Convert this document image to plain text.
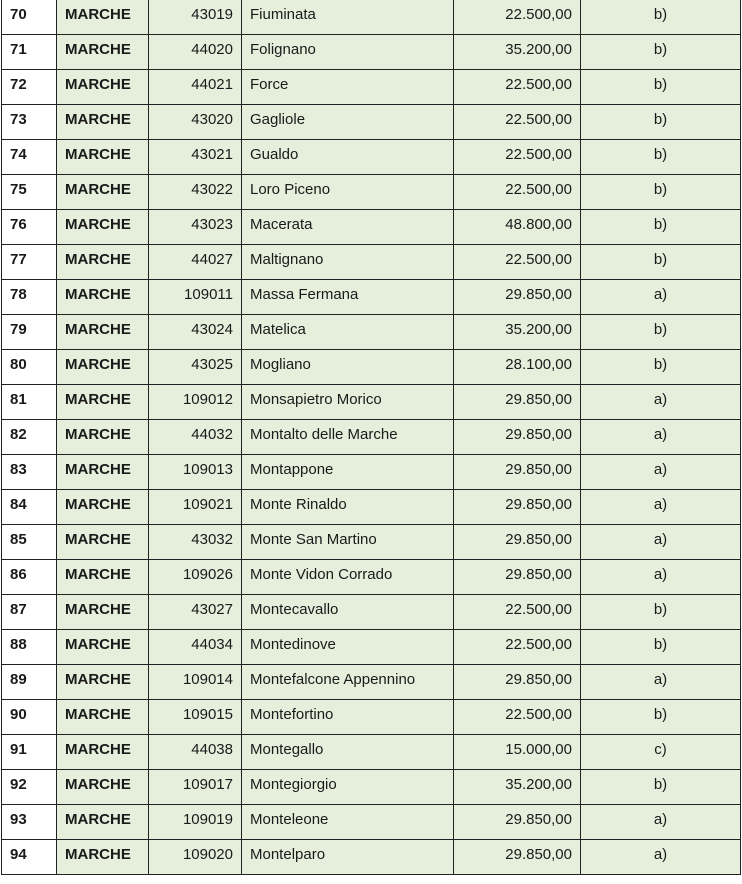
70	MARCHE	43019	Fiuminata	22.500,00	b)

71	MARCHE	44020	Folignano	35.200,00	b)

72	MARCHE	44021	Force	22.500,00	b)

73	MARCHE	43020	Gagliole	22.500,00	b)

74	MARCHE	43021	Gualdo	22.500,00	b)

75	MARCHE	43022	Loro Piceno	22.500,00	b)

76	MARCHE	43023	Macerata	48.800,00	b)

77	MARCHE	44027	Maltignano	22.500,00	b)

78	MARCHE	109011	Massa Fermana	29.850,00	a)

79	MARCHE	43024	Matelica	35.200,00	b)

80	MARCHE	43025	Mogliano	28.100,00	b)

81	MARCHE	109012	Monsapietro Morico	29.850,00	a)

82	MARCHE	44032	Montalto delle Marche	29.850,00	a)

83	MARCHE	109013	Montappone	29.850,00	a)

84	MARCHE	109021	Monte Rinaldo	29.850,00	a)

85	MARCHE	43032	Monte San Martino	29.850,00	a)

86	MARCHE	109026	Monte Vidon Corrado	29.850,00	a)

87	MARCHE	43027	Montecavallo	22.500,00	b)

88	MARCHE	44034	Montedinove	22.500,00	b)

89	MARCHE	109014	Montefalcone Appennino	29.850,00	a)

90	MARCHE	109015	Montefortino	22.500,00	b)

91	MARCHE	44038	Montegallo	15.000,00	c)

92	MARCHE	109017	Montegiorgio	35.200,00	b)

93	MARCHE	109019	Monteleone	29.850,00	a)

94	MARCHE	109020	Montelparo	29.850,00	a)
